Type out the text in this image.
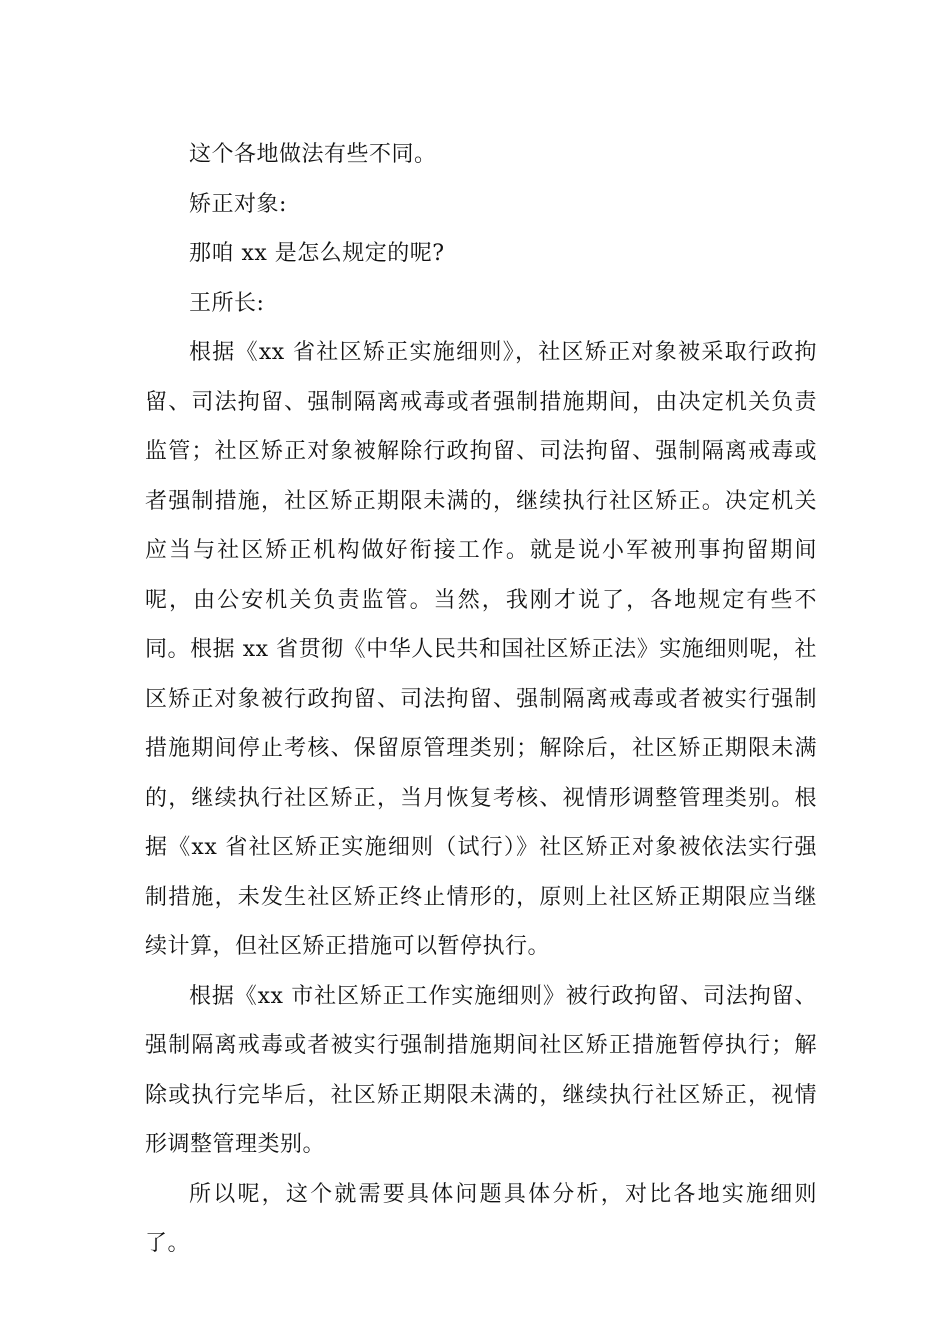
这个各地做法有些不同。

矫正对象:

那咱 xx 是怎么规定的呢?

王所长:

根据《xx 省社区矫正实施细则》，社区矫正对象被采取行政拘留、司法拘留、强制隔离戒毒或者强制措施期间，由决定机关负责监管；社区矫正对象被解除行政拘留、司法拘留、强制隔离戒毒或者强制措施，社区矫正期限未满的，继续执行社区矫正。决定机关应当与社区矫正机构做好衔接工作。就是说小军被刑事拘留期间呢，由公安机关负责监管。当然，我刚才说了，各地规定有些不同。根据 xx 省贯彻《中华人民共和国社区矫正法》实施细则呢，社区矫正对象被行政拘留、司法拘留、强制隔离戒毒或者被实行强制措施期间停止考核、保留原管理类别；解除后，社区矫正期限未满的，继续执行社区矫正，当月恢复考核、视情形调整管理类别。根据《xx 省社区矫正实施细则（试行）》社区矫正对象被依法实行强制措施，未发生社区矫正终止情形的，原则上社区矫正期限应当继续计算，但社区矫正措施可以暂停执行。

根据《xx 市社区矫正工作实施细则》被行政拘留、司法拘留、强制隔离戒毒或者被实行强制措施期间社区矫正措施暂停执行；解除或执行完毕后，社区矫正期限未满的，继续执行社区矫正，视情形调整管理类别。

所以呢，这个就需要具体问题具体分析，对比各地实施细则了。
